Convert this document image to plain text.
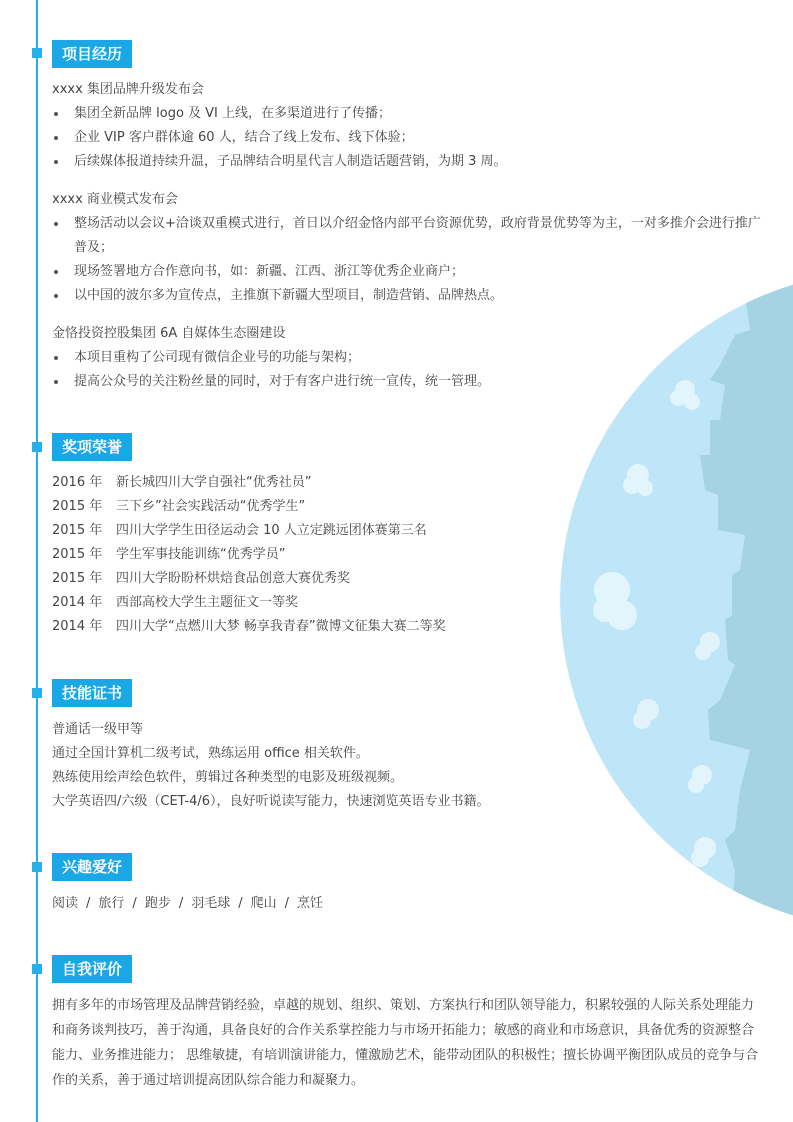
项目经历
xxxx 集团品牌升级发布会
集团全新品牌 logo 及 VI 上线，在多渠道进行了传播；
企业 VIP 客户群体逾 60 人，结合了线上发布、线下体验；
后续媒体报道持续升温，子品牌结合明星代言人制造话题营销，为期 3 周。
xxxx 商业模式发布会
整场活动以会议+洽谈双重模式进行，首日以介绍金恪内部平台资源优势，政府背景优势等为主，一对多推介会进行推广普及；
现场签署地方合作意向书，如：新疆、江西、浙江等优秀企业商户；
以中国的波尔多为宣传点，主推旗下新疆大型项目，制造营销、品牌热点。
金恪投资控股集团 6A 自媒体生态圈建设
本项目重构了公司现有微信企业号的功能与架构；
提高公众号的关注粉丝量的同时，对于有客户进行统一宣传，统一管理。
奖项荣誉
2016 年 新长城四川大学自强社“优秀社员”
2015 年 三下乡”社会实践活动“优秀学生”
2015 年 四川大学学生田径运动会 10 人立定跳远团体赛第三名
2015 年 学生军事技能训练“优秀学员”
2015 年 四川大学盼盼杯烘焙食品创意大赛优秀奖
2014 年 西部高校大学生主题征文一等奖
2014 年 四川大学“点燃川大梦 畅享我青春”微博文征集大赛二等奖
技能证书
普通话一级甲等
通过全国计算机二级考试，熟练运用 office 相关软件。
熟练使用绘声绘色软件，剪辑过各种类型的电影及班级视频。
大学英语四/六级（CET-4/6），良好听说读写能力，快速浏览英语专业书籍。
兴趣爱好
阅读 / 旅行 / 跑步 / 羽毛球 / 爬山 / 烹饪
自我评价
拥有多年的市场管理及品牌营销经验，卓越的规划、组织、策划、方案执行和团队领导能力，积累较强的人际关系处理能力和商务谈判技巧，善于沟通，具备良好的合作关系掌控能力与市场开拓能力；敏感的商业和市场意识，具备优秀的资源整合能力、业务推进能力； 思维敏捷，有培训演讲能力，懂激励艺术，能带动团队的积极性；擅长协调平衡团队成员的竞争与合作的关系，善于通过培训提高团队综合能力和凝聚力。
